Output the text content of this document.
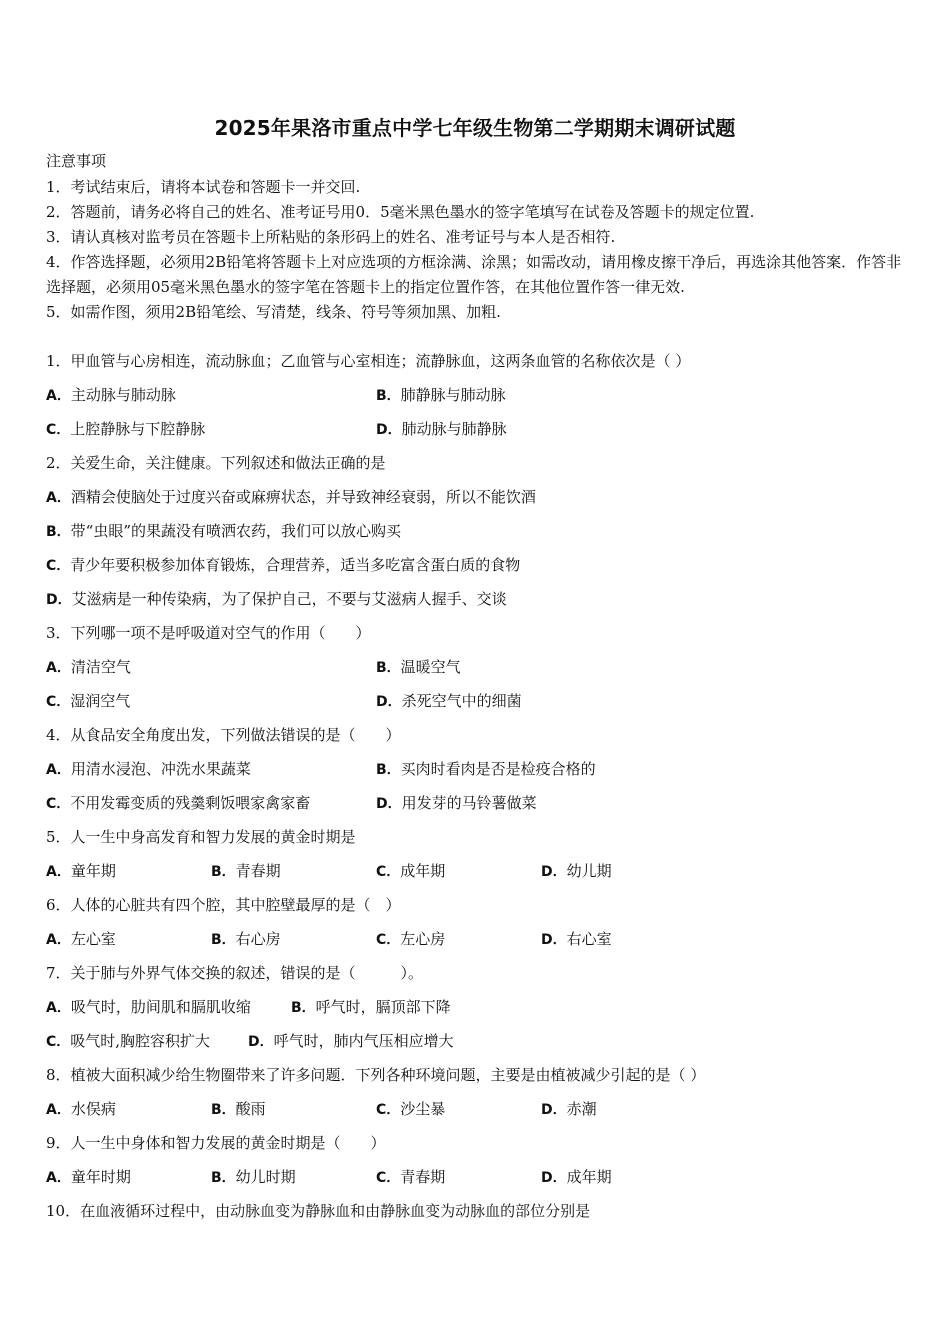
2025年果洛市重点中学七年级生物第二学期期末调研试题
注意事项
1．考试结束后，请将本试卷和答题卡一并交回.
2．答题前，请务必将自己的姓名、准考证号用0．5毫米黑色墨水的签字笔填写在试卷及答题卡的规定位置.
3．请认真核对监考员在答题卡上所粘贴的条形码上的姓名、准考证号与本人是否相符.
4．作答选择题，必须用2B铅笔将答题卡上对应选项的方框涂满、涂黑；如需改动，请用橡皮擦干净后，再选涂其他答案．作答非选择题，必须用05毫米黑色墨水的签字笔在答题卡上的指定位置作答，在其他位置作答一律无效.
5．如需作图，须用2B铅笔绘、写清楚，线条、符号等须加黑、加粗.
1．甲血管与心房相连，流动脉血；乙血管与心室相连；流静脉血，这两条血管的名称依次是（ ）
A．主动脉与肺动脉	B．肺静脉与肺动脉
C．上腔静脉与下腔静脉	D．肺动脉与肺静脉
2．关爱生命，关注健康。下列叙述和做法正确的是
A．酒精会使脑处于过度兴奋或麻痹状态，并导致神经衰弱，所以不能饮酒
B．带“虫眼”的果蔬没有喷洒农药，我们可以放心购买
C．青少年要积极参加体育锻炼，合理营养，适当多吃富含蛋白质的食物
D．艾滋病是一种传染病，为了保护自己，不要与艾滋病人握手、交谈
3．下列哪一项不是呼吸道对空气的作用（　　）
A．清洁空气	B．温暖空气
C．湿润空气	D．杀死空气中的细菌
4．从食品安全角度出发，下列做法错误的是（　　）
A．用清水浸泡、冲洗水果蔬菜	B．买肉时看肉是否是检疫合格的
C．不用发霉变质的残羹剩饭喂家禽家畜	D．用发芽的马铃薯做菜
5．人一生中身高发育和智力发展的黄金时期是
A．童年期	B．青春期	C．成年期	D．幼儿期
6．人体的心脏共有四个腔，其中腔壁最厚的是（　）
A．左心室	B．右心房	C．左心房	D．右心室
7．关于肺与外界气体交换的叙述，错误的是（　　　）。
A．吸气时，肋间肌和膈肌收缩	B．呼气时，膈顶部下降
C．吸气时,胸腔容积扩大	D．呼气时，肺内气压相应增大
8．植被大面积减少给生物圈带来了许多问题．下列各种环境问题，主要是由植被减少引起的是（ ）
A．水俣病	B．酸雨	C．沙尘暴	D．赤潮
9．人一生中身体和智力发展的黄金时期是（　　）
A．童年时期	B．幼儿时期	C．青春期	D．成年期
10．在血液循环过程中，由动脉血变为静脉血和由静脉血变为动脉血的部位分别是
